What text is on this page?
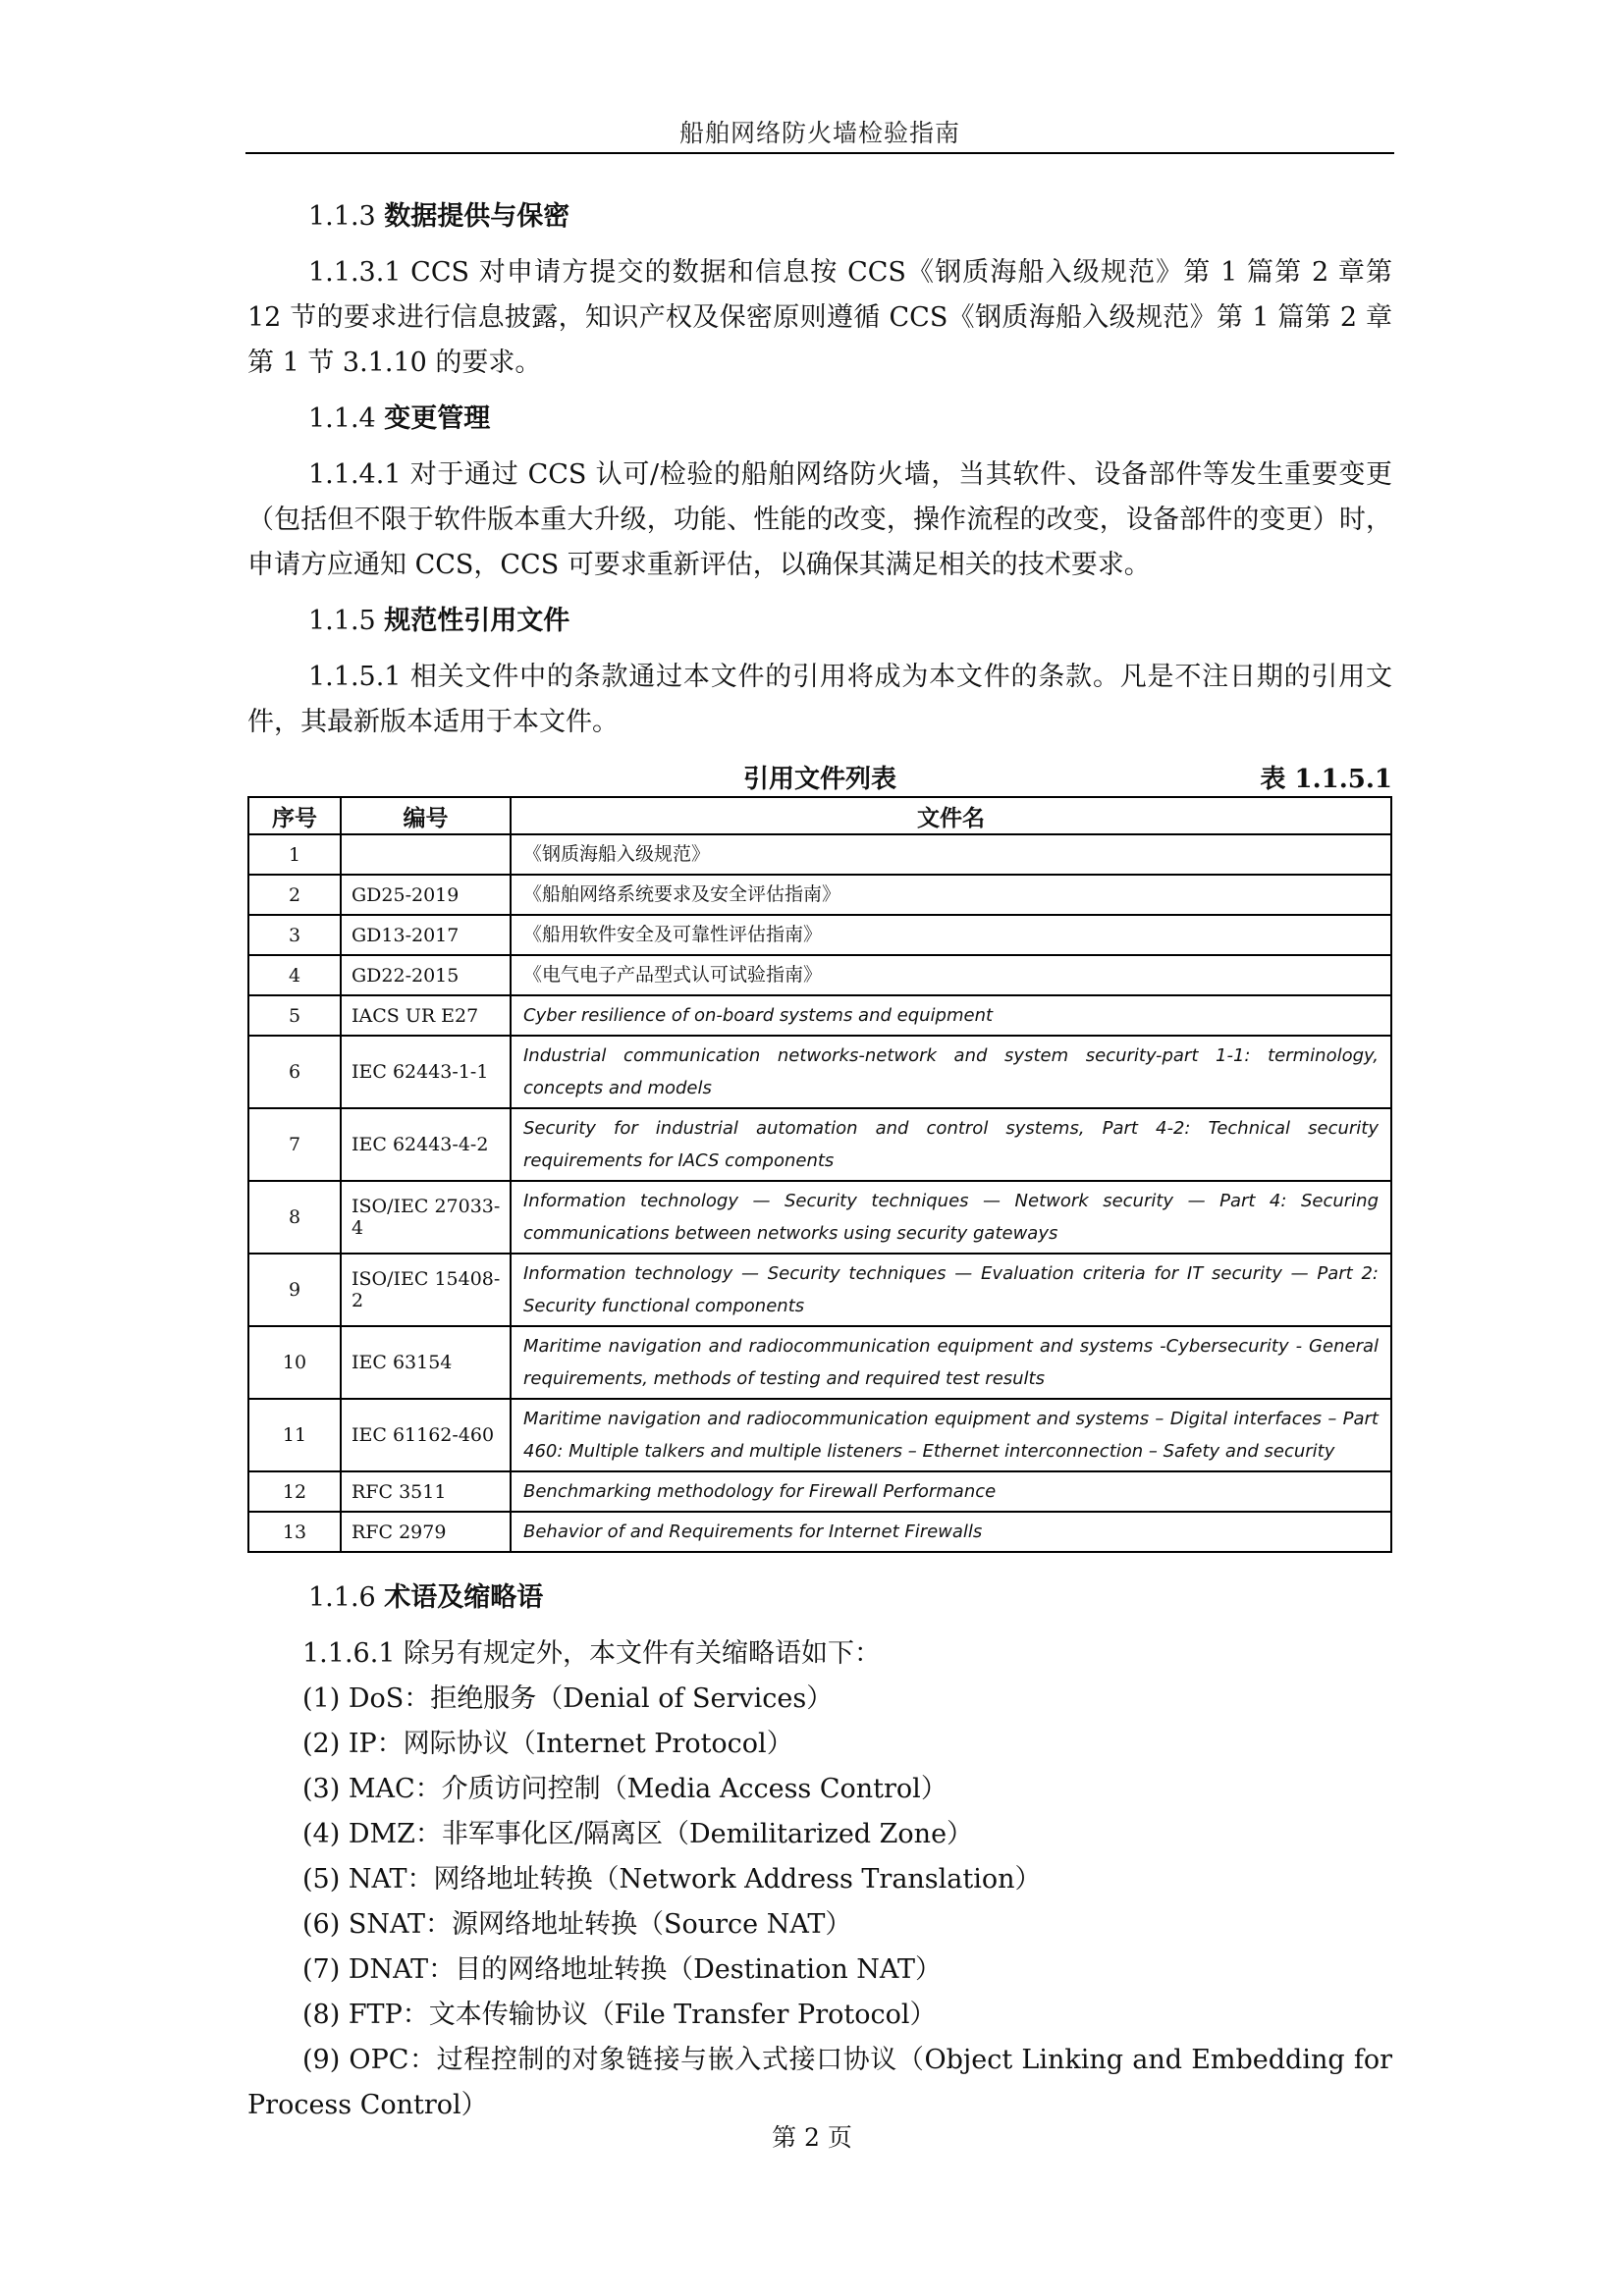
船舶网络防火墙检验指南
1.1.3 数据提供与保密

1.1.3.1 CCS 对申请方提交的数据和信息按 CCS《钢质海船入级规范》第 1 篇第 2 章第 12 节的要求进行信息披露，知识产权及保密原则遵循 CCS《钢质海船入级规范》第 1 篇第 2 章第 1 节 3.1.10 的要求。

1.1.4 变更管理

1.1.4.1 对于通过 CCS 认可/检验的船舶网络防火墙，当其软件、设备部件等发生重要变更（包括但不限于软件版本重大升级，功能、性能的改变，操作流程的改变，设备部件的变更）时，申请方应通知 CCS，CCS 可要求重新评估，以确保其满足相关的技术要求。

1.1.5 规范性引用文件

1.1.5.1 相关文件中的条款通过本文件的引用将成为本文件的条款。凡是不注日期的引用文件，其最新版本适用于本文件。

引用文件列表	表 1.1.5.1
序号	编号	文件名
1		《钢质海船入级规范》
2	GD25-2019	《船舶网络系统要求及安全评估指南》
3	GD13-2017	《船用软件安全及可靠性评估指南》
4	GD22-2015	《电气电子产品型式认可试验指南》
5	IACS UR E27	Cyber resilience of on-board systems and equipment
6	IEC 62443-1-1	Industrial communication networks-network and system security-part 1-1: terminology, concepts and models
7	IEC 62443-4-2	Security for industrial automation and control systems, Part 4-2: Technical security requirements for IACS components
8	ISO/IEC 27033-4	Information technology — Security techniques — Network security — Part 4: Securing communications between networks using security gateways
9	ISO/IEC 15408-2	Information technology — Security techniques — Evaluation criteria for IT security — Part 2: Security functional components
10	IEC 63154	Maritime navigation and radiocommunication equipment and systems -Cybersecurity - General requirements, methods of testing and required test results
11	IEC 61162-460	Maritime navigation and radiocommunication equipment and systems – Digital interfaces – Part 460: Multiple talkers and multiple listeners – Ethernet interconnection – Safety and security
12	RFC 3511	Benchmarking methodology for Firewall Performance
13	RFC 2979	Behavior of and Requirements for Internet Firewalls
1.1.6 术语及缩略语

1.1.6.1 除另有规定外，本文件有关缩略语如下：

(1) DoS：拒绝服务（Denial of Services）

(2) IP：网际协议（Internet Protocol）

(3) MAC：介质访问控制（Media Access Control）

(4) DMZ：非军事化区/隔离区（Demilitarized Zone）

(5) NAT：网络地址转换（Network Address Translation）

(6) SNAT：源网络地址转换（Source NAT）

(7) DNAT：目的网络地址转换（Destination NAT）

(8) FTP：文本传输协议（File Transfer Protocol）

(9) OPC：过程控制的对象链接与嵌入式接口协议（Object Linking and Embedding for Process Control）

第 2 页
